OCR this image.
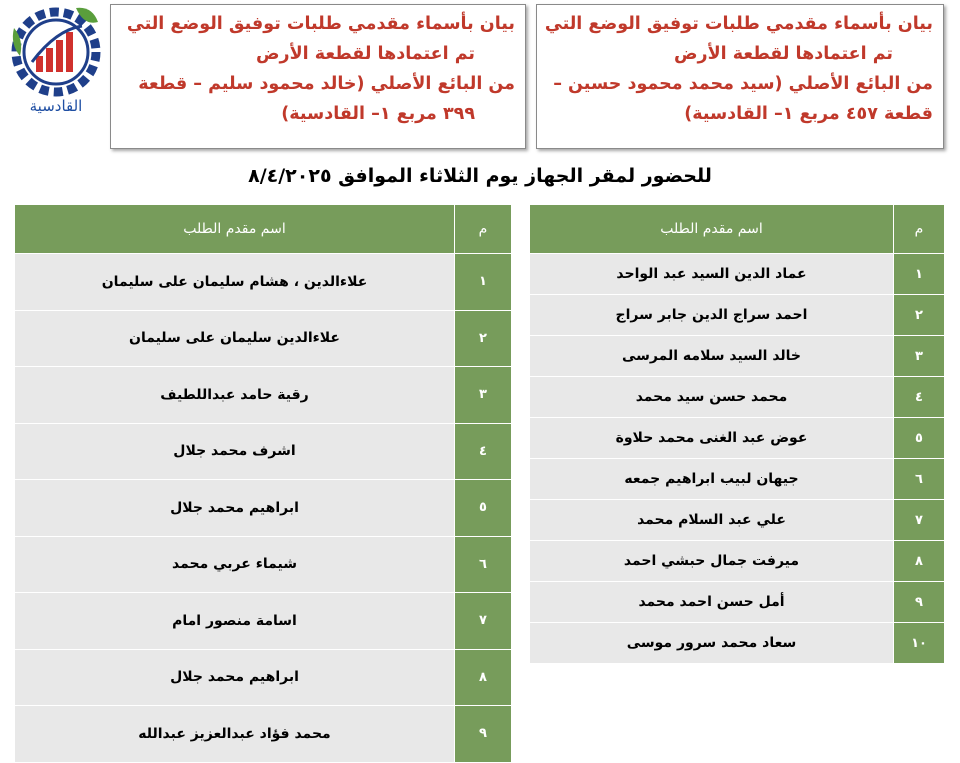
القادسية
بيان بأسماء مقدمي طلبات توفيق الوضع التي
تم اعتمادها لقطعة الأرض
من البائع الأصلي (خالد محمود سليم – قطعة
٣٩٩ مربع ١– القادسية)
بيان بأسماء مقدمي طلبات توفيق الوضع التي
تم اعتمادها لقطعة الأرض
من البائع الأصلي (سيد محمد محمود حسين –
قطعة ٤٥٧ مربع ١– القادسية)
للحضور لمقر الجهاز يوم الثلاثاء الموافق ٨/٤/٢٠٢٥
م	اسم مقدم الطلب
١	عماد الدين السيد عبد الواحد
٢	احمد سراج الدين جابر سراج
٣	خالد السيد سلامه المرسى
٤	محمد حسن سيد محمد
٥	عوض عبد الغنى محمد حلاوة
٦	جيهان لبيب ابراهيم جمعه
٧	علي عبد السلام محمد
٨	ميرفت جمال حبشي احمد
٩	أمل حسن احمد محمد
١٠	سعاد محمد سرور موسى
م	اسم مقدم الطلب
١	علاءالدين ، هشام سليمان على سليمان
٢	علاءالدين سليمان على سليمان
٣	رقية حامد عبداللطيف
٤	اشرف محمد جلال
٥	ابراهيم محمد جلال
٦	شيماء عربي محمد
٧	اسامة منصور امام
٨	ابراهيم محمد جلال
٩	محمد فؤاد عبدالعزيز عبدالله
